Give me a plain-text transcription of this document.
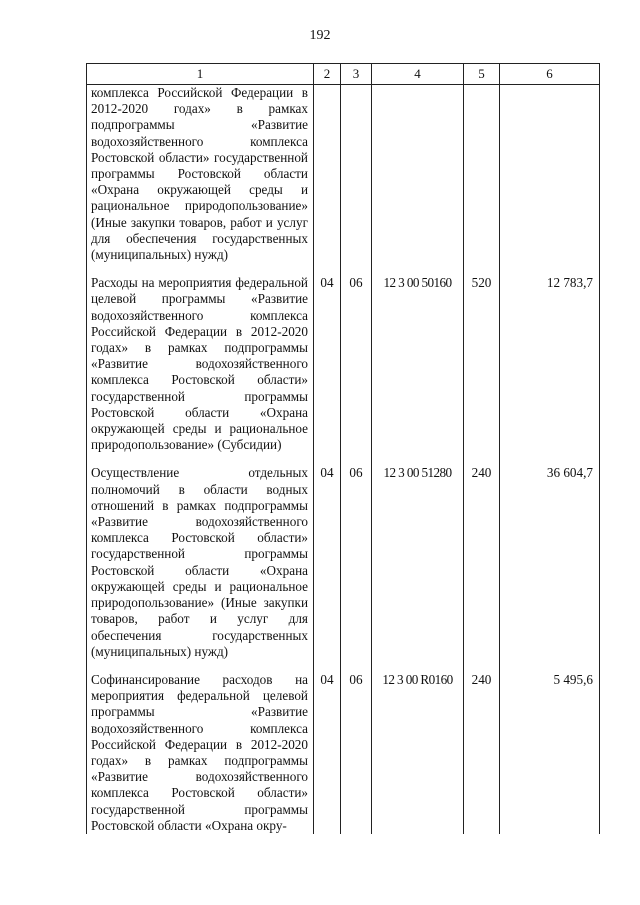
192
1	2	3	4	5	6
комплекса Российской Федерации в 2012-2020 годах» в рамках подпрограммы «Развитие водохозяйственного комплекса Ростовской области» государственной программы Ростовской области «Охрана окружающей среды и рациональное природопользование» (Иные закупки товаров, работ и услуг для обеспечения государственных (муниципальных) нужд)					

Расходы на мероприятия федеральной целевой программы «Развитие водохозяйственного комплекса Российской Федерации в 2012-2020 годах» в рамках подпрограммы «Развитие водохозяйственного комплекса Ростовской области» государственной программы Ростовской области «Охрана окружающей среды и рациональное природопользование» (Субсидии)	04	06	12 3 00 50160	520	12 783,7

Осуществление отдельных полномочий в области водных отношений в рамках подпрограммы «Развитие водохозяйственного комплекса Ростовской области» государственной программы Ростовской области «Охрана окружающей среды и рациональное природопользование» (Иные закупки товаров, работ и услуг для обеспечения государственных (муниципальных) нужд)	04	06	12 3 00 51280	240	36 604,7

Софинансирование расходов на мероприятия федеральной целевой программы «Развитие водохозяйственного комплекса Российской Федерации в 2012-2020 годах» в рамках подпрограммы «Развитие водохозяйственного комплекса Ростовской области» государственной программы Ростовской области «Охрана окру-	04	06	12 3 00 R0160	240	5 495,6
